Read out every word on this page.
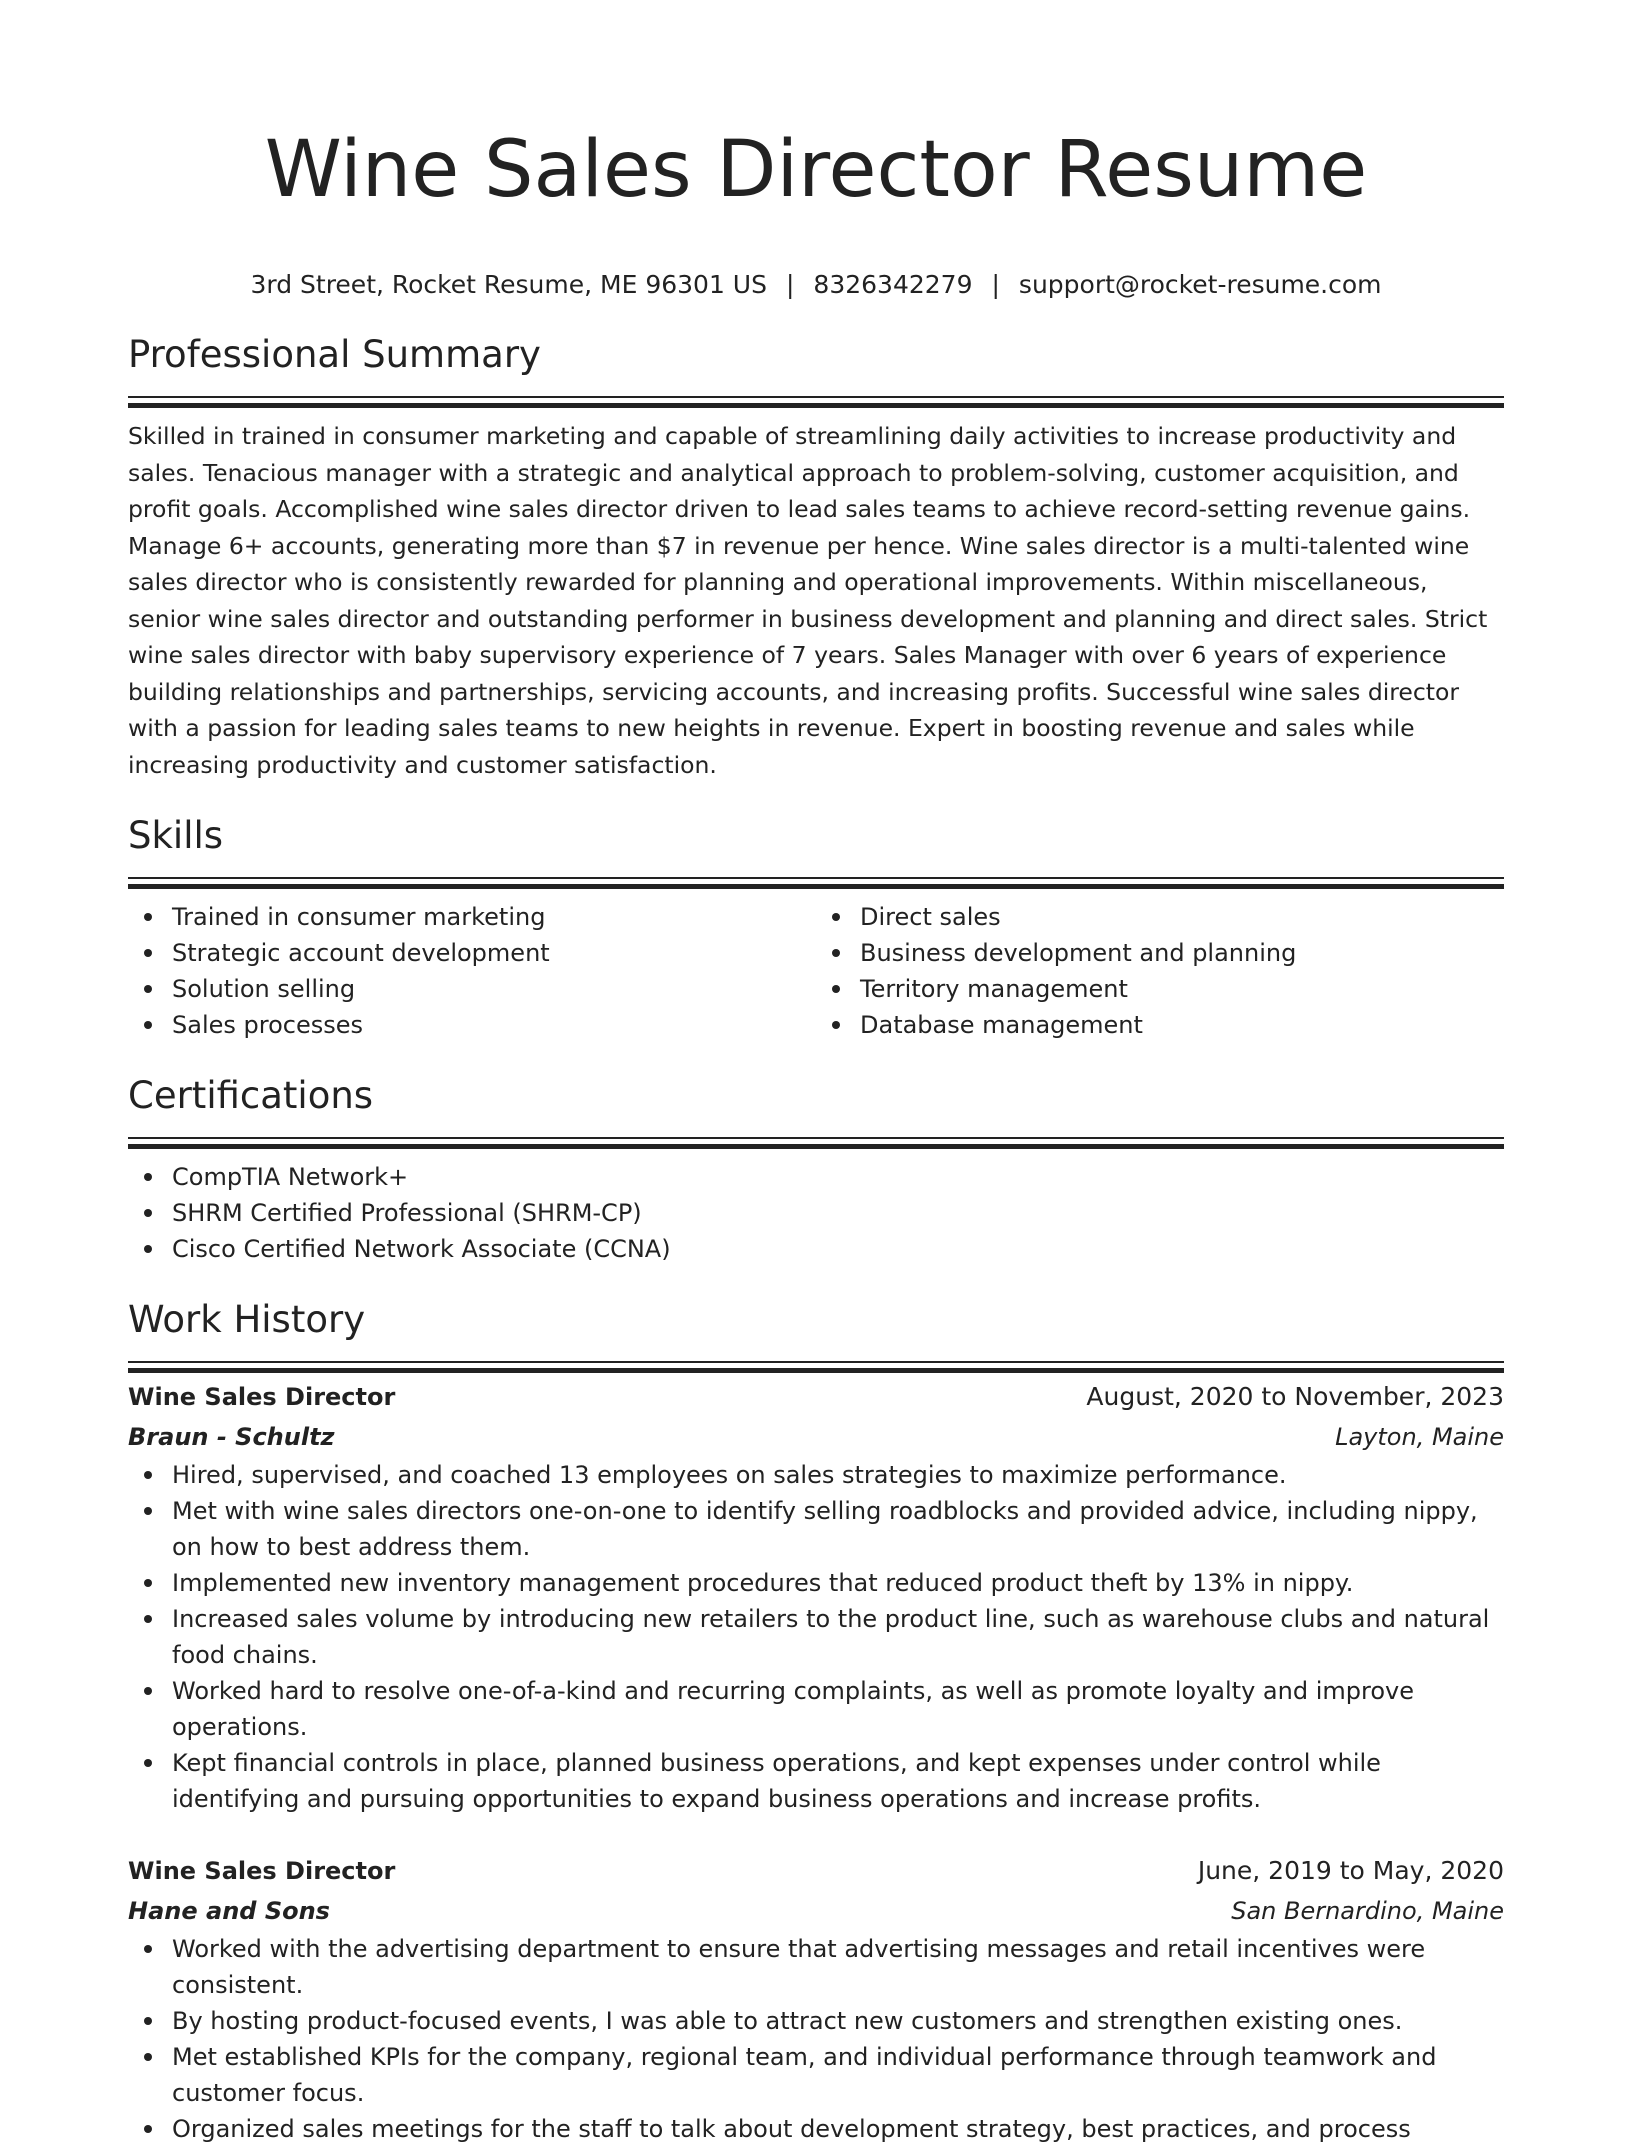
Wine Sales Director Resume
3rd Street, Rocket Resume, ME 96301 US | 8326342279 | support@rocket-resume.com
Professional Summary

Skilled in trained in consumer marketing and capable of streamlining daily activities to increase productivity and sales. Tenacious manager with a strategic and analytical approach to problem-solving, customer acquisition, and profit goals. Accomplished wine sales director driven to lead sales teams to achieve record-setting revenue gains. Manage 6+ accounts, generating more than $7 in revenue per hence. Wine sales director is a multi-talented wine sales director who is consistently rewarded for planning and operational improvements. Within miscellaneous, senior wine sales director and outstanding performer in business development and planning and direct sales. Strict wine sales director with baby supervisory experience of 7 years. Sales Manager with over 6 years of experience building relationships and partnerships, servicing accounts, and increasing profits. Successful wine sales director with a passion for leading sales teams to new heights in revenue. Expert in boosting revenue and sales while increasing productivity and customer satisfaction.

Skills
Trained in consumer marketing
Strategic account development
Solution selling
Sales processes
Direct sales
Business development and planning
Territory management
Database management
Certifications
CompTIA Network+
SHRM Certified Professional (SHRM-CP)
Cisco Certified Network Associate (CCNA)
Work History
Wine Sales Director	August, 2020 to November, 2023
Braun - Schultz	Layton, Maine
Hired, supervised, and coached 13 employees on sales strategies to maximize performance.
Met with wine sales directors one-on-one to identify selling roadblocks and provided advice, including nippy, on how to best address them.
Implemented new inventory management procedures that reduced product theft by 13% in nippy.
Increased sales volume by introducing new retailers to the product line, such as warehouse clubs and natural food chains.
Worked hard to resolve one-of-a-kind and recurring complaints, as well as promote loyalty and improve operations.
Kept financial controls in place, planned business operations, and kept expenses under control while identifying and pursuing opportunities to expand business operations and increase profits.
Wine Sales Director	June, 2019 to May, 2020
Hane and Sons	San Bernardino, Maine
Worked with the advertising department to ensure that advertising messages and retail incentives were consistent.
By hosting product-focused events, I was able to attract new customers and strengthen existing ones.
Met established KPIs for the company, regional team, and individual performance through teamwork and customer focus.
Organized sales meetings for the staff to talk about development strategy, best practices, and process
